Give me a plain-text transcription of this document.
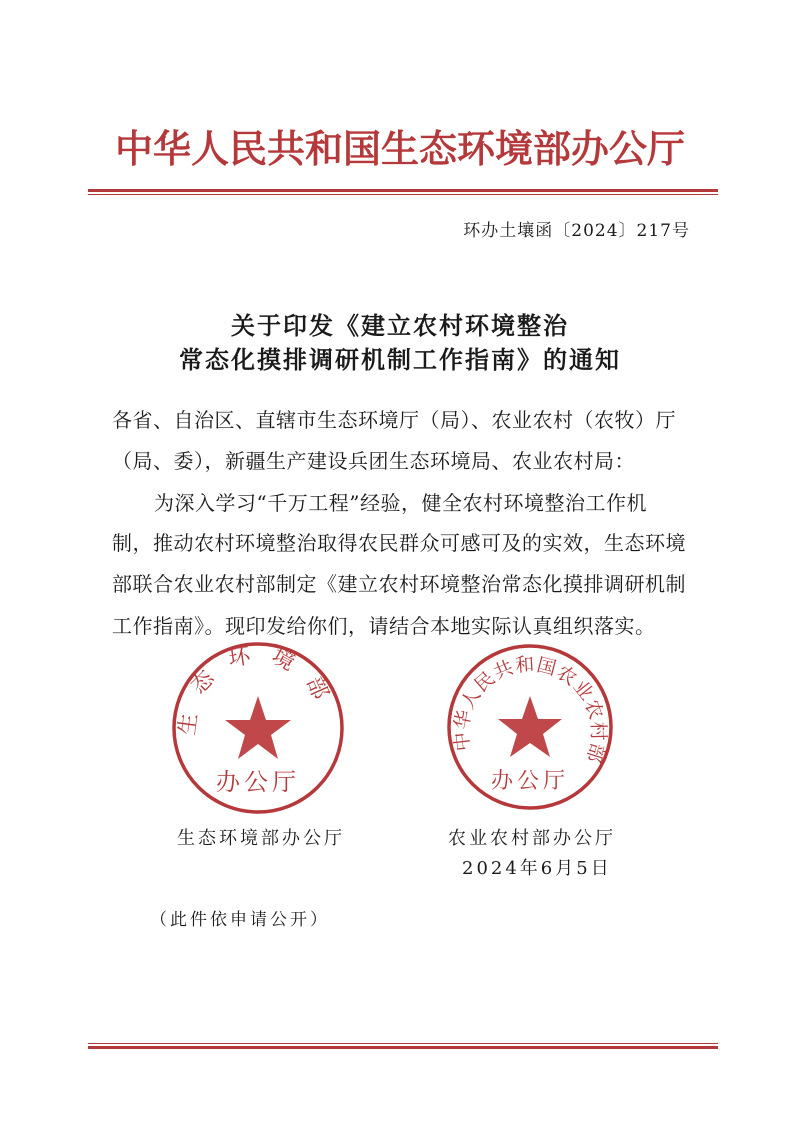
中华人民共和国生态环境部办公厅
环办土壤函〔2024〕217号
关于印发《建立农村环境整治
常态化摸排调研机制工作指南》的通知
各省、自治区、直辖市生态环境厅（局）、农业农村（农牧）厅
（局、委），新疆生产建设兵团生态环境局、农业农村局：
为深入学习“千万工程”经验，健全农村环境整治工作机
制，推动农村环境整治取得农民群众可感可及的实效，生态环境
部联合农业农村部制定《建立农村环境整治常态化摸排调研机制
工作指南》。现印发给你们，请结合本地实际认真组织落实。
生态环境部
办公厅
中华人民共和国农业农村部
办公厅
生态环境部办公厅	农业农村部办公厅
2024年6月5日
（此件依申请公开）
